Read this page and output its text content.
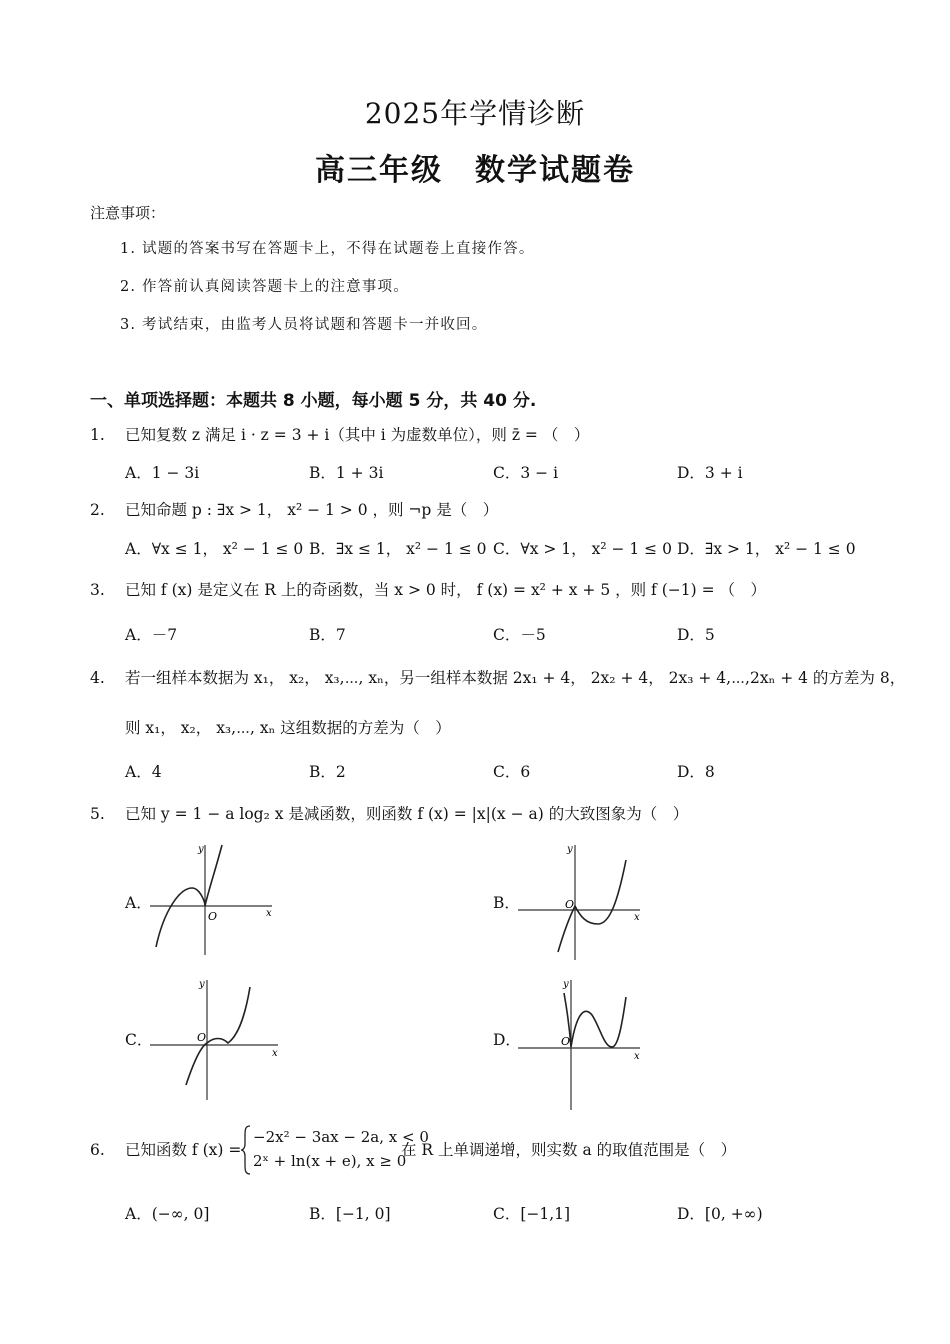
2025年学情诊断
高三年级　数学试题卷
注意事项：
1. 试题的答案书写在答题卡上，不得在试题卷上直接作答。
2. 作答前认真阅读答题卡上的注意事项。
3. 考试结束，由监考人员将试题和答题卡一并收回。
一、单项选择题：本题共 8 小题，每小题 5 分，共 40 分.
1. 已知复数 z 满足 i · z = 3 + i（其中 i 为虚数单位），则 z̄ = （　）
A．1 − 3i	B．1 + 3i	C．3 − i	D．3 + i
2. 已知命题 p : ∃x > 1， x² − 1 > 0 ，则 ¬p 是（　）
A．∀x ≤ 1， x² − 1 ≤ 0 B．∃x ≤ 1， x² − 1 ≤ 0 C．∀x > 1， x² − 1 ≤ 0 D．∃x > 1， x² − 1 ≤ 0
3. 已知 f (x) 是定义在 R 上的奇函数，当 x > 0 时， f (x) = x² + x + 5 ，则 f (−1) = （　）
A．－7	B．7	C．－5	D．5
4. 若一组样本数据为 x₁， x₂， x₃,⋯, xₙ，另一组样本数据 2x₁ + 4， 2x₂ + 4， 2x₃ + 4,⋯,2xₙ + 4 的方差为 8，
则 x₁， x₂， x₃,⋯, xₙ 这组数据的方差为（　）
A．4	B．2	C．6	D．8
5. 已知 y = 1 − a log₂ x 是减函数，则函数 f (x) = |x|(x − a) 的大致图象为（　）
A．	B．
C．	D．
O	x
y
O
x
y
O
x
y
O
x
y
6. 已知函数 f (x) =
−2x² − 3ax − 2a, x < 0
2ˣ + ln(x + e), x ≥ 0
在 R 上单调递增，则实数 a 的取值范围是（　）
A．(−∞, 0]	B．[−1, 0]	C．[−1,1]	D．[0, +∞)
